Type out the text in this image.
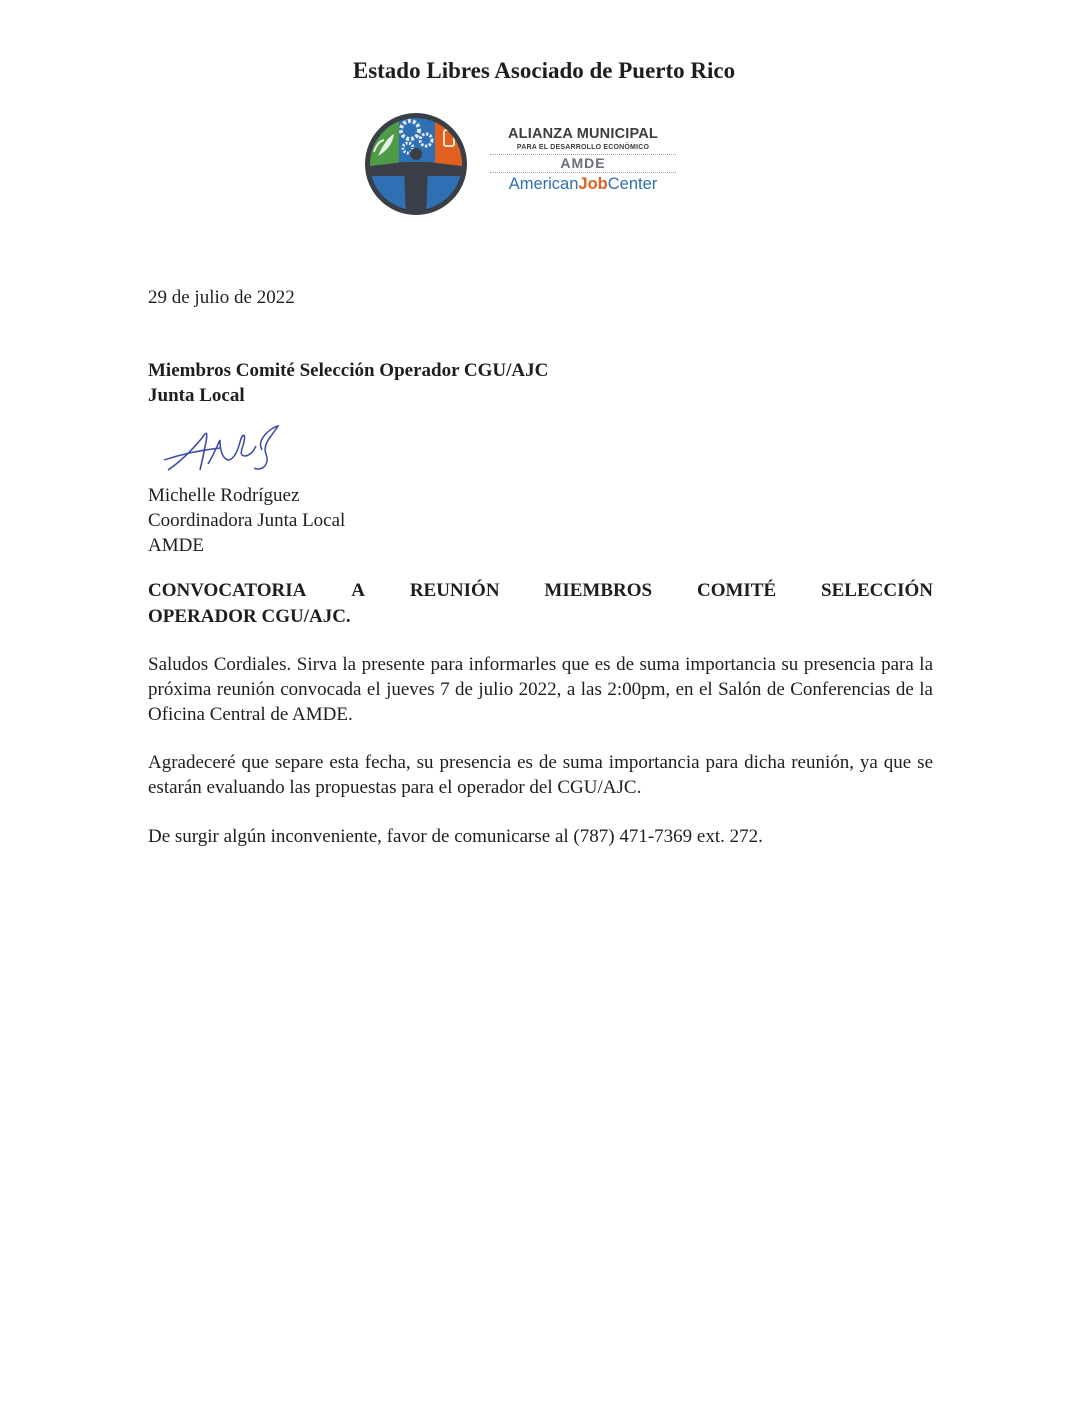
Estado Libres Asociado de Puerto Rico
ALIANZA MUNICIPAL
PARA EL DESARROLLO ECONÓMICO
AMDE
AmericanJobCenter
29 de julio de 2022
Miembros Comité Selección Operador CGU/AJC
Junta Local
Michelle Rodríguez
Coordinadora Junta Local
AMDE
CONVOCATORIA A REUNIÓN MIEMBROS COMITÉ SELECCIÓN
OPERADOR CGU/AJC.
Saludos Cordiales. Sirva la presente para informarles que es de suma importancia su presencia para la próxima reunión convocada el jueves 7 de julio 2022, a las 2:00pm, en el Salón de Conferencias de la Oficina Central de AMDE.
Agradeceré que separe esta fecha, su presencia es de suma importancia para dicha reunión, ya que se estarán evaluando las propuestas para el operador del CGU/AJC.
De surgir algún inconveniente, favor de comunicarse al (787) 471-7369 ext. 272.
